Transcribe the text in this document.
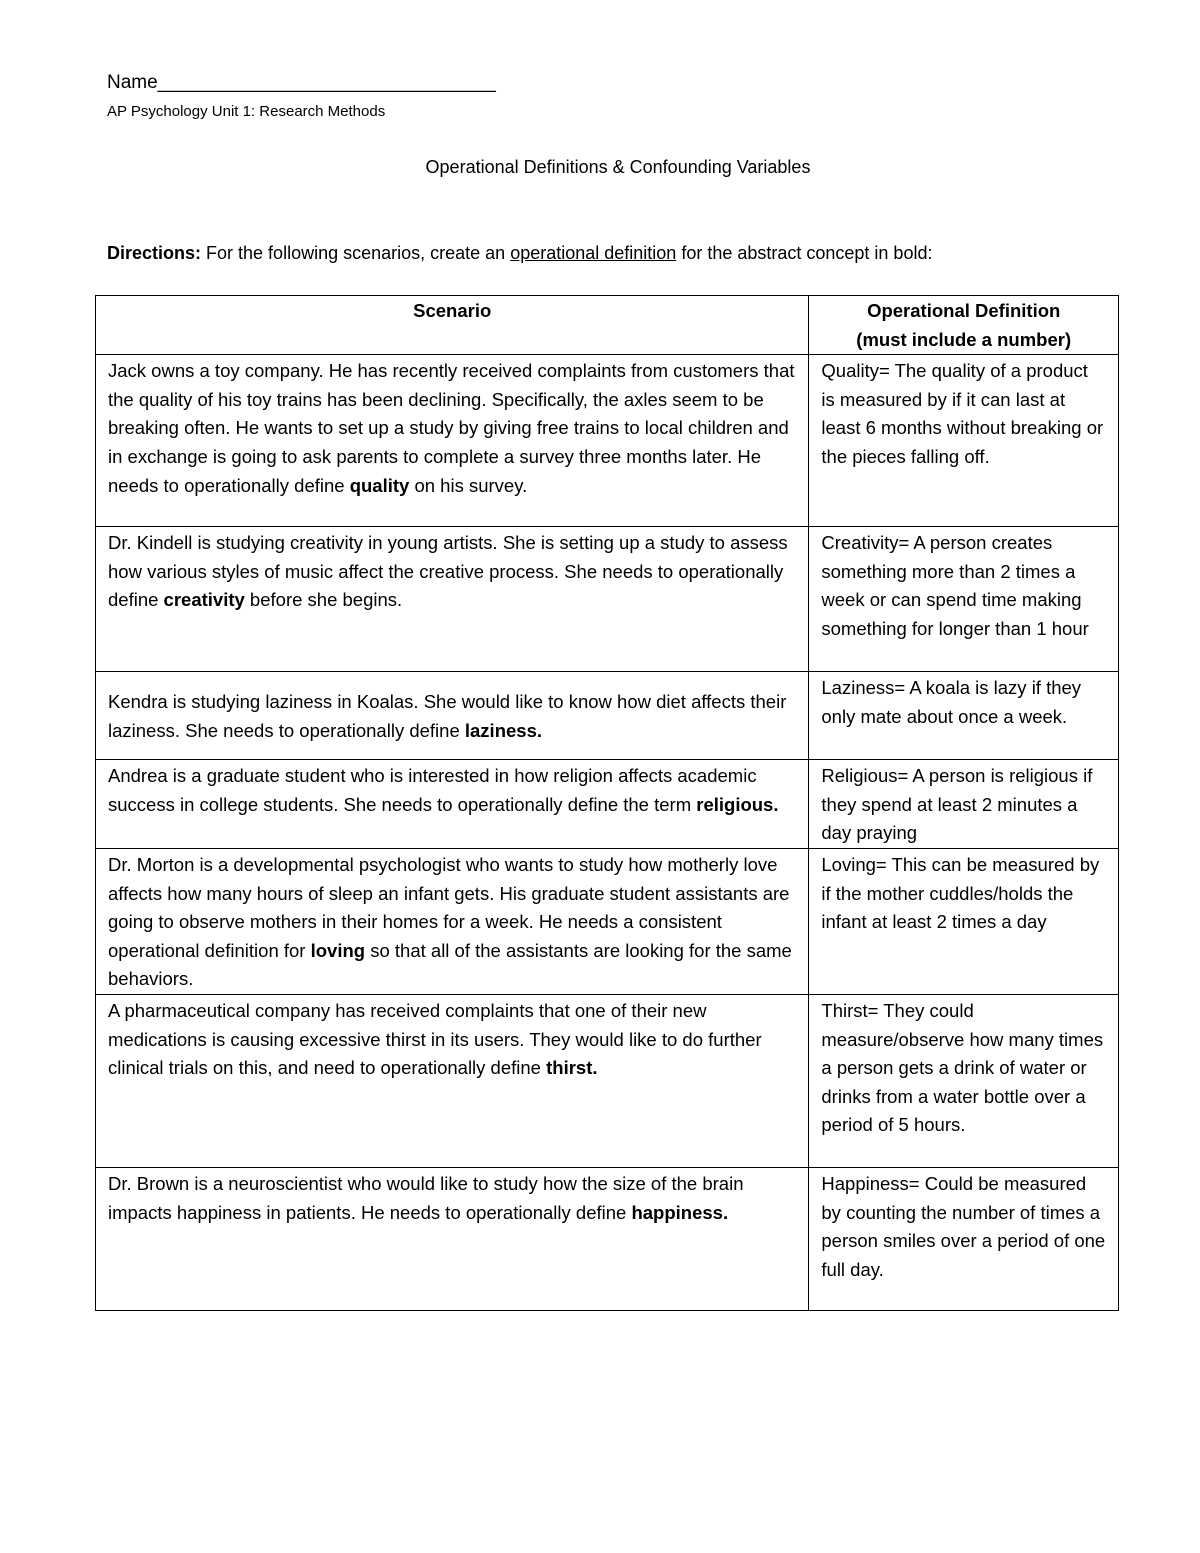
Name________________________________
AP Psychology Unit 1: Research Methods
Operational Definitions & Confounding Variables
Directions: For the following scenarios, create an operational definition for the abstract concept in bold:
Scenario	Operational Definition
(must include a number)
Jack owns a toy company. He has recently received complaints from customers that the quality of his toy trains has been declining. Specifically, the axles seem to be breaking often. He wants to set up a study by giving free trains to local children and in exchange is going to ask parents to complete a survey three months later. He needs to operationally define quality on his survey.	Quality= The quality of a product is measured by if it can last at least 6 months without breaking or the pieces falling off.
Dr. Kindell is studying creativity in young artists. She is setting up a study to assess how various styles of music affect the creative process. She needs to operationally define creativity before she begins.	Creativity= A person creates something more than 2 times a week or can spend time making something for longer than 1 hour
Kendra is studying laziness in Koalas. She would like to know how diet affects their laziness. She needs to operationally define laziness.	Laziness= A koala is lazy if they only mate about once a week.
Andrea is a graduate student who is interested in how religion affects academic success in college students. She needs to operationally define the term religious.	Religious= A person is religious if they spend at least 2 minutes a day praying
Dr. Morton is a developmental psychologist who wants to study how motherly love affects how many hours of sleep an infant gets. His graduate student assistants are going to observe mothers in their homes for a week. He needs a consistent operational definition for loving so that all of the assistants are looking for the same behaviors.	Loving= This can be measured by if the mother cuddles/holds the infant at least 2 times a day
A pharmaceutical company has received complaints that one of their new medications is causing excessive thirst in its users. They would like to do further clinical trials on this, and need to operationally define thirst.	Thirst= They could measure/observe how many times a person gets a drink of water or drinks from a water bottle over a period of 5 hours.
Dr. Brown is a neuroscientist who would like to study how the size of the brain impacts happiness in patients. He needs to operationally define happiness.	Happiness= Could be measured by counting the number of times a person smiles over a period of one full day.
